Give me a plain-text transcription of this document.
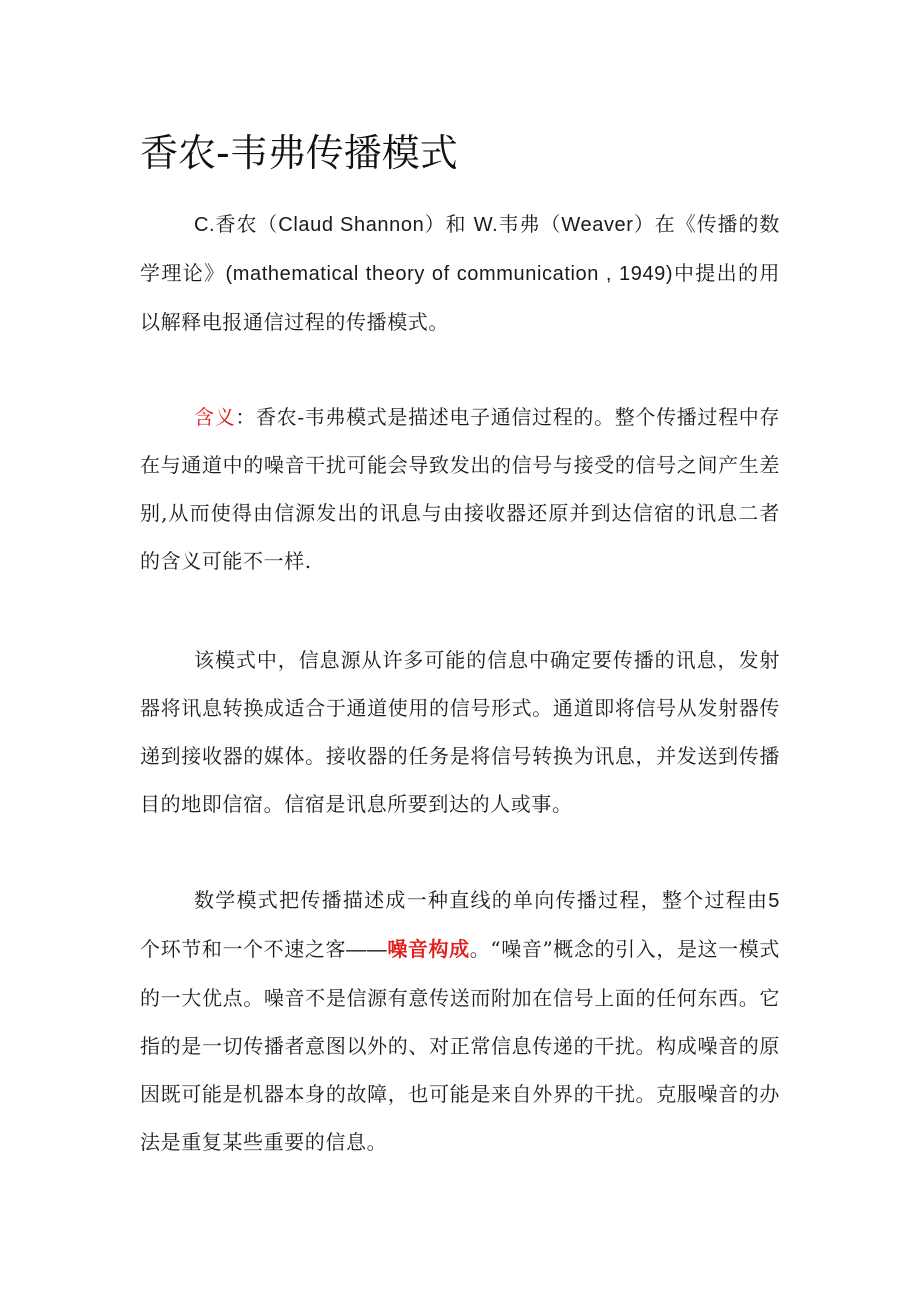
香农-韦弗传播模式

C.香农（Claud Shannon）和 W.韦弗（Weaver）在《传播的数学理论》(mathematical theory of communication , 1949)中提出的用以解释电报通信过程的传播模式。

含义：香农-韦弗模式是描述电子通信过程的。整个传播过程中存在与通道中的噪音干扰可能会导致发出的信号与接受的信号之间产生差别,从而使得由信源发出的讯息与由接收器还原并到达信宿的讯息二者的含义可能不一样.

该模式中，信息源从许多可能的信息中确定要传播的讯息，发射器将讯息转换成适合于通道使用的信号形式。通道即将信号从发射器传递到接收器的媒体。接收器的任务是将信号转换为讯息，并发送到传播目的地即信宿。信宿是讯息所要到达的人或事。

数学模式把传播描述成一种直线的单向传播过程，整个过程由5个环节和一个不速之客——噪音构成。“噪音”概念的引入，是这一模式的一大优点。噪音不是信源有意传送而附加在信号上面的任何东西。它指的是一切传播者意图以外的、对正常信息传递的干扰。构成噪音的原因既可能是机器本身的故障，也可能是来自外界的干扰。克服噪音的办法是重复某些重要的信息。
